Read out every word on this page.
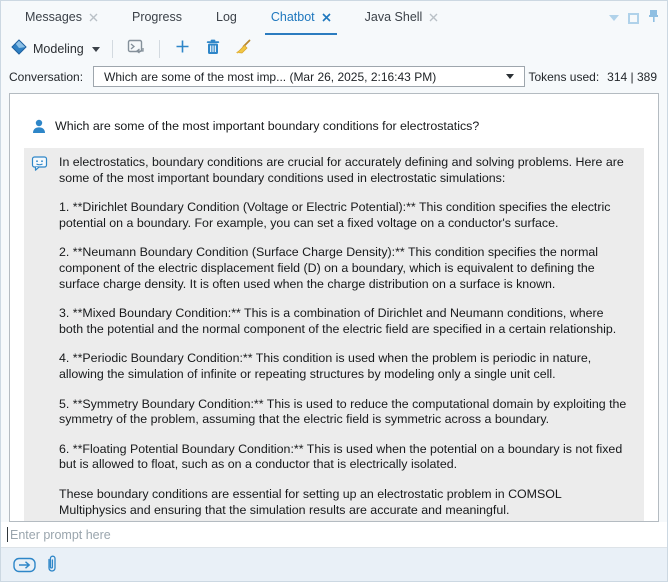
Messages	Progress	Log	Chatbot	Java Shell
Modeling
Conversation: Which are some of the most imp... (Mar 26, 2025, 2:16:43 PM)	Tokens used: 314 | 389
Which are some of the most important boundary conditions for electrostatics?

In electrostatics, boundary conditions are crucial for accurately defining and solving problems. Here are some of the most important boundary conditions used in electrostatic simulations:

1. **Dirichlet Boundary Condition (Voltage or Electric Potential):** This condition specifies the electric potential on a boundary. For example, you can set a fixed voltage on a conductor's surface.

2. **Neumann Boundary Condition (Surface Charge Density):** This condition specifies the normal component of the electric displacement field (D) on a boundary, which is equivalent to defining the surface charge density. It is often used when the charge distribution on a surface is known.

3. **Mixed Boundary Condition:** This is a combination of Dirichlet and Neumann conditions, where both the potential and the normal component of the electric field are specified in a certain relationship.

4. **Periodic Boundary Condition:** This condition is used when the problem is periodic in nature, allowing the simulation of infinite or repeating structures by modeling only a single unit cell.

5. **Symmetry Boundary Condition:** This is used to reduce the computational domain by exploiting the symmetry of the problem, assuming that the electric field is symmetric across a boundary.

6. **Floating Potential Boundary Condition:** This is used when the potential on a boundary is not fixed but is allowed to float, such as on a conductor that is electrically isolated.

These boundary conditions are essential for setting up an electrostatic problem in COMSOL Multiphysics and ensuring that the simulation results are accurate and meaningful.

Enter prompt here
